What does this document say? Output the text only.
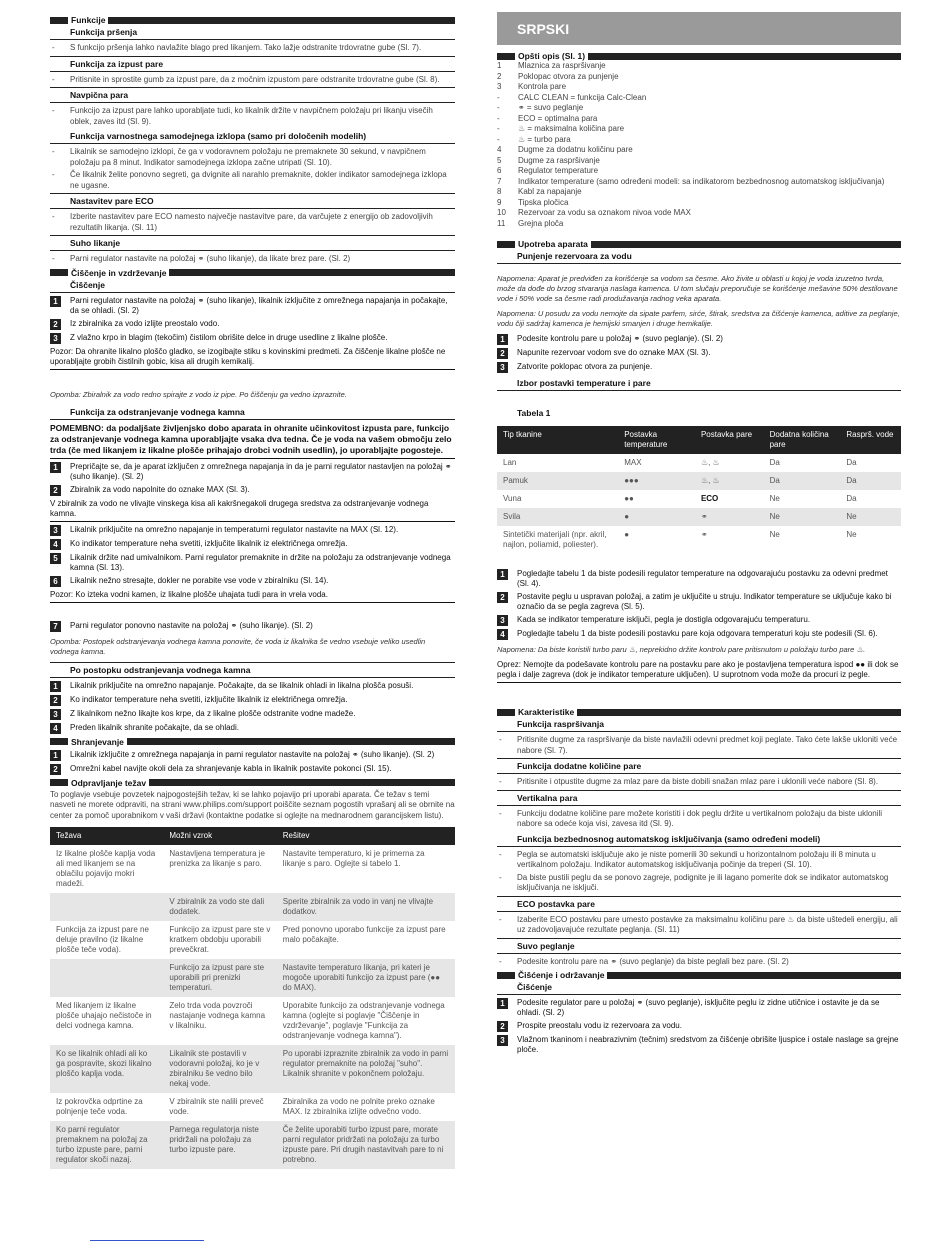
Funkcije
Funkcija pršenja
-	S funkcijo pršenja lahko navlažite blago pred likanjem. Tako lažje odstranite trdovratne gube (Sl. 7).
Funkcija za izpust pare
-	Pritisnite in sprostite gumb za izpust pare, da z močnim izpustom pare odstranite trdovratne gube (Sl. 8).
Navpična para
-	Funkcijo za izpust pare lahko uporabljate tudi, ko likalnik držite v navpičnem položaju pri likanju visečih oblek, zaves itd (Sl. 9).
Funkcija varnostnega samodejnega izklopa (samo pri določenih modelih)
-	Likalnik se samodejno izklopi, če ga v vodoravnem položaju ne premaknete 30 sekund, v navpičnem položaju pa 8 minut. Indikator samodejnega izklopa začne utripati (Sl. 10).
-	Če likalnik želite ponovno segreti, ga dvignite ali narahlo premaknite, dokler indikator samodejnega izklopa ne ugasne.
Nastavitev pare ECO
-	Izberite nastavitev pare ECO namesto največje nastavitve pare, da varčujete z energijo ob zadovoljivih rezultatih likanja. (Sl. 11)
Suho likanje
-	Parni regulator nastavite na položaj ⚭ (suho likanje), da likate brez pare. (Sl. 2)
Čiščenje in vzdrževanje
Čiščenje
1	Parni regulator nastavite na položaj ⚭ (suho likanje), likalnik izključite z omrežnega napajanja in počakajte, da se ohladi. (Sl. 2)
2	Iz zbiralnika za vodo izlijte preostalo vodo.
3	Z vlažno krpo in blagim (tekočim) čistilom obrišite delce in druge usedline z likalne plošče.
Pozor: Da ohranite likalno ploščo gladko, se izogibajte stiku s kovinskimi predmeti. Za čiščenje likalne plošče ne uporabljajte grobih čistilnih gobic, kisa ali drugih kemikalij.
Opomba: Zbiralnik za vodo redno spirajte z vodo iz pipe. Po čiščenju ga vedno izpraznite.
Funkcija za odstranjevanje vodnega kamna
POMEMBNO: da podaljšate življenjsko dobo aparata in ohranite učinkovitost izpusta pare, funkcijo za odstranjevanje vodnega kamna uporabljajte vsaka dva tedna. Če je voda na vašem območju zelo trda (če med likanjem iz likalne plošče prihajajo drobci vodnih usedlin), jo uporabljajte pogosteje.
1	Prepričajte se, da je aparat izključen z omrežnega napajanja in da je parni regulator nastavljen na položaj ⚭ (suho likanje). (Sl. 2)
2	Zbiralnik za vodo napolnite do oznake MAX (Sl. 3).
V zbiralnik za vodo ne vlivajte vinskega kisa ali kakršnegakoli drugega sredstva za odstranjevanje vodnega kamna.
3	Likalnik priključite na omrežno napajanje in temperaturni regulator nastavite na MAX (Sl. 12).
4	Ko indikator temperature neha svetiti, izključite likalnik iz električnega omrežja.
5	Likalnik držite nad umivalnikom. Parni regulator premaknite in držite na položaju za odstranjevanje vodnega kamna (Sl. 13).
6	Likalnik nežno stresajte, dokler ne porabite vse vode v zbiralniku (Sl. 14).
Pozor: Ko izteka vodni kamen, iz likalne plošče uhajata tudi para in vrela voda.
7	Parni regulator ponovno nastavite na položaj ⚭ (suho likanje). (Sl. 2)
Opomba: Postopek odstranjevanja vodnega kamna ponovite, če voda iz likalnika še vedno vsebuje veliko usedlin vodnega kamna.
Po postopku odstranjevanja vodnega kamna
1	Likalnik priključite na omrežno napajanje. Počakajte, da se likalnik ohladi in likalna plošča posuši.
2	Ko indikator temperature neha svetiti, izključite likalnik iz električnega omrežja.
3	Z likalnikom nežno likajte kos krpe, da z likalne plošče odstranite vodne madeže.
4	Preden likalnik shranite počakajte, da se ohladi.
Shranjevanje
1	Likalnik izključite z omrežnega napajanja in parni regulator nastavite na položaj ⚭ (suho likanje). (Sl. 2)
2	Omrežni kabel navijte okoli dela za shranjevanje kabla in likalnik postavite pokonci (Sl. 15).
Odpravljanje težav
To poglavje vsebuje povzetek najpogostejših težav, ki se lahko pojavijo pri uporabi aparata. Če težav s temi nasveti ne morete odpraviti, na strani www.philips.com/support poiščite seznam pogostih vprašanj ali se obrnite na center za pomoč uporabnikom v vaši državi (kontaktne podatke si oglejte na mednarodnem garancijskem listu).
Težava	Možni vzrok	Rešitev
Iz likalne plošče kaplja voda ali med likanjem se na oblačilu pojavijo mokri madeži.	Nastavljena temperatura je prenizka za likanje s paro.	Nastavite temperaturo, ki je primerna za likanje s paro. Oglejte si tabelo 1.
	V zbiralnik za vodo ste dali dodatek.	Sperite zbiralnik za vodo in vanj ne vlivajte dodatkov.
Funkcija za izpust pare ne deluje pravilno (iz likalne plošče teče voda).	Funkcijo za izpust pare ste v kratkem obdobju uporabili prevečkrat.	Pred ponovno uporabo funkcije za izpust pare malo počakajte.
	Funkcijo za izpust pare ste uporabili pri prenizki temperaturi.	Nastavite temperaturo likanja, pri kateri je mogoče uporabiti funkcijo za izpust pare (●● do MAX).
Med likanjem iz likalne plošče uhajajo nečistoče in delci vodnega kamna.	Zelo trda voda povzroči nastajanje vodnega kamna v likalniku.	Uporabite funkcijo za odstranjevanje vodnega kamna (oglejte si poglavje "Čiščenje in vzdrževanje", poglavje "Funkcija za odstranjevanje vodnega kamna").
Ko se likalnik ohladi ali ko ga pospravite, skozi likalno ploščo kaplja voda.	Likalnik ste postavili v vodoravni položaj, ko je v zbiralniku še vedno bilo nekaj vode.	Po uporabi izpraznite zbiralnik za vodo in parni regulator premaknite na položaj "suho". Likalnik shranite v pokončnem položaju.
Iz pokrovčka odprtine za polnjenje teče voda.	V zbiralnik ste nalili preveč vode.	Zbiralnika za vodo ne polnite preko oznake MAX. Iz zbiralnika izlijte odvečno vodo.
Ko parni regulator premaknem na položaj za turbo izpuste pare, parni regulator skoči nazaj.	Parnega regulatorja niste pridržali na položaju za turbo izpuste pare.	Če želite uporabiti turbo izpust pare, morate parni regulator pridržati na položaju za turbo izpuste pare. Pri drugih nastavitvah pare to ni potrebno.
SRPSKI
Opšti opis (Sl. 1)
1	Mlaznica za raspršivanje
2	Poklopac otvora za punjenje
3	Kontrola pare
-	CALC CLEAN = funkcija Calc-Clean
-	⚭ = suvo peglanje
-	ECO = optimalna para
-	♨ = maksimalna količina pare
-	♨ = turbo para
4	Dugme za dodatnu količinu pare
5	Dugme za raspršivanje
6	Regulator temperature
7	Indikator temperature (samo određeni modeli: sa indikatorom bezbednosnog automatskog isključivanja)
8	Kabl za napajanje
9	Tipska pločica
10	Rezervoar za vodu sa oznakom nivoa vode MAX
11	Grejna ploča
Upotreba aparata
Punjenje rezervoara za vodu
Napomena: Aparat je predviđen za korišćenje sa vodom sa česme. Ako živite u oblasti u kojoj je voda izuzetno tvrda, može da dođe do brzog stvaranja naslaga kamenca. U tom slučaju preporučuje se korišćenje mešavine 50% destilovane vode i 50% vode sa česme radi produžavanja radnog veka aparata.
Napomena: U posudu za vodu nemojte da sipate parfem, sirće, štirak, sredstva za čišćenje kamenca, aditive za peglanje, vodu čiji sadržaj kamenca je hemijski smanjen i druge hemikalije.
1	Podesite kontrolu pare u položaj ⚭ (suvo peglanje). (Sl. 2)
2	Napunite rezervoar vodom sve do oznake MAX (Sl. 3).
3	Zatvorite poklopac otvora za punjenje.
Izbor postavki temperature i pare
Tabela 1
Tip tkanine	Postavka temperature	Postavka pare	Dodatna količina pare	Rasprš. vode
Lan	MAX	♨, ♨	Da	Da
Pamuk	●●●	♨, ♨	Da	Da
Vuna	●●	ECO	Ne	Da
Svila	●	⚭	Ne	Ne
Sintetički materijali (npr. akril, najlon, poliamid, poliester).	●	⚭	Ne	Ne
1	Pogledajte tabelu 1 da biste podesili regulator temperature na odgovarajuću postavku za odevni predmet (Sl. 4).
2	Postavite peglu u uspravan položaj, a zatim je uključite u struju. Indikator temperature se uključuje kako bi označio da se pegla zagreva (Sl. 5).
3	Kada se indikator temperature isključi, pegla je dostigla odgovarajuću temperaturu.
4	Pogledajte tabelu 1 da biste podesili postavku pare koja odgovara temperaturi koju ste podesili (Sl. 6).
Napomena: Da biste koristili turbo paru ♨, neprekidno držite kontrolu pare pritisnutom u položaju turbo pare ♨.
Oprez: Nemojte da podešavate kontrolu pare na postavku pare ako je postavljena temperatura ispod ●● ili dok se pegla i dalje zagreva (dok je indikator temperature uključen). U suprotnom voda može da procuri iz pegle.
Karakteristike
Funkcija raspršivanja
-	Pritisnite dugme za raspršivanje da biste navlažili odevni predmet koji peglate. Tako ćete lakše ukloniti veće nabore (Sl. 7).
Funkcija dodatne količine pare
-	Pritisnite i otpustite dugme za mlaz pare da biste dobili snažan mlaz pare i uklonili veće nabore (Sl. 8).
Vertikalna para
-	Funkciju dodatne količine pare možete koristiti i dok peglu držite u vertikalnom položaju da biste uklonili nabore sa odeće koja visi, zavesa itd (Sl. 9).
Funkcija bezbednosnog automatskog isključivanja (samo određeni modeli)
-	Pegla se automatski isključuje ako je niste pomerili 30 sekundi u horizontalnom položaju ili 8 minuta u vertikalnom položaju. Indikator automatskog isključivanja počinje da treperi (Sl. 10).
-	Da biste pustili peglu da se ponovo zagreje, podignite je ili lagano pomerite dok se indikator automatskog isključivanja ne isključi.
ECO postavka pare
-	Izaberite ECO postavku pare umesto postavke za maksimalnu količinu pare ♨ da biste uštedeli energiju, ali uz zadovoljavajuće rezultate peglanja. (Sl. 11)
Suvo peglanje
-	Podesite kontrolu pare na ⚭ (suvo peglanje) da biste peglali bez pare. (Sl. 2)
Čišćenje i održavanje
Čišćenje
1	Podesite regulator pare u položaj ⚭ (suvo peglanje), isključite peglu iz zidne utičnice i ostavite je da se ohladi. (Sl. 2)
2	Prospite preostalu vodu iz rezervoara za vodu.
3	Vlažnom tkaninom i neabrazivnim (tečnim) sredstvom za čišćenje obrišite ljuspice i ostale naslage sa grejne ploče.
